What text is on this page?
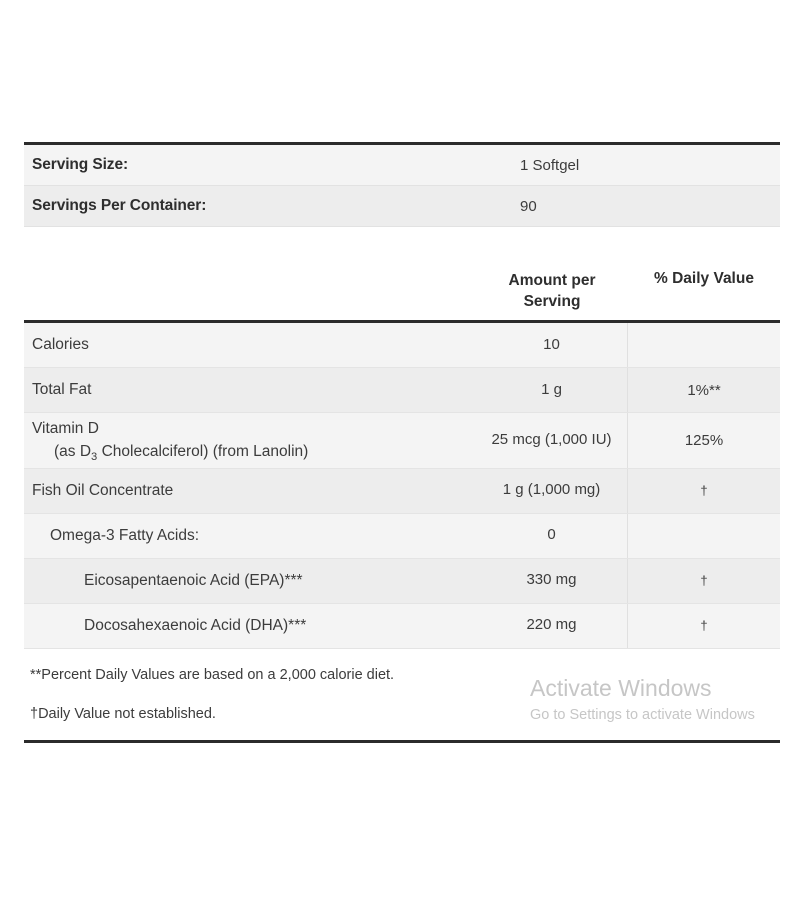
Serving Size:	1 Softgel
Servings Per Container:	90
Amount per
Serving
% Daily Value
Calories	10
Total Fat	1 g	1%**
Vitamin D
(as $D_3$ Cholecalciferol) (from Lanolin)
25 mcg (1,000 IU)	125%
Fish Oil Concentrate	1 g (1,000 mg)	†
Omega-3 Fatty Acids:	0
Eicosapentaenoic Acid (EPA)***	330 mg	†
Docosahexaenoic Acid (DHA)***	220 mg	†
**Percent Daily Values are based on a 2,000 calorie diet.
†Daily Value not established.
Activate Windows
Go to Settings to activate Windows
